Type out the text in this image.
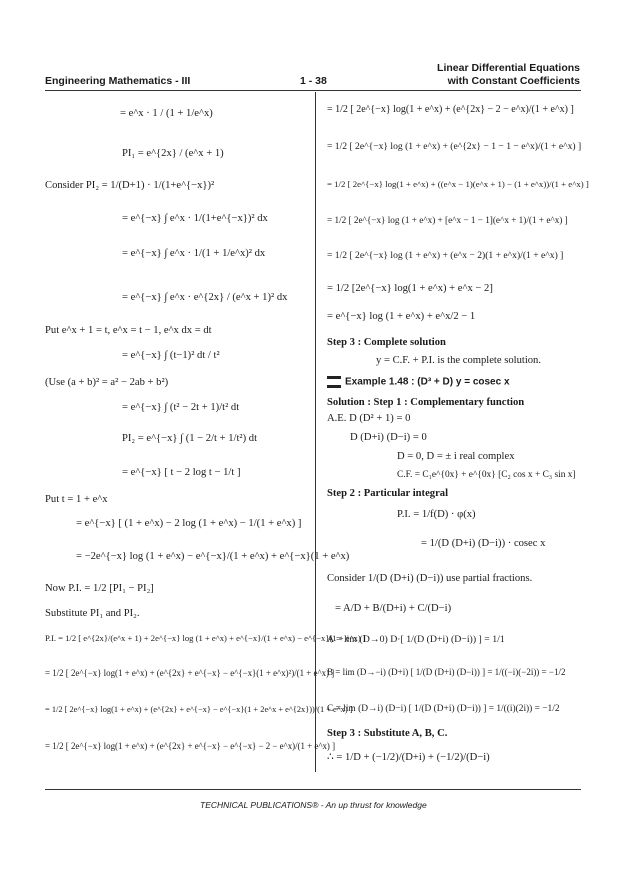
Linear Differential Equations
Engineering Mathematics - III	1 - 38	with Constant Coefficients
= e^x · 1 / (1 + 1/e^x)
PI₁ = e^{2x} / (e^x + 1)
Consider PI₂ = 1/(D+1) · 1/(1+e^{−x})²
= e^{−x} ∫ e^x · 1/(1+e^{−x})² dx
= e^{−x} ∫ e^x · 1/(1 + 1/e^x)² dx
= e^{−x} ∫ e^x · e^{2x} / (e^x + 1)² dx
Put e^x + 1 = t, e^x = t − 1, e^x dx = dt
= e^{−x} ∫ (t−1)² dt / t²
(Use (a + b)² = a² − 2ab + b²)
= e^{−x} ∫ (t² − 2t + 1)/t² dt
PI₂ = e^{−x} ∫ (1 − 2/t + 1/t²) dt
= e^{−x} [ t − 2 log t − 1/t ]
Put t = 1 + e^x
= e^{−x} [ (1 + e^x) − 2 log (1 + e^x) − 1/(1 + e^x) ]
= −2e^{−x} log (1 + e^x) − e^{−x}/(1 + e^x) + e^{−x}(1 + e^x)
Now P.I. = 1/2 [PI₁ − PI₂]
Substitute PI₁ and PI₂.
P.I. = 1/2 [ e^{2x}/(e^x + 1) + 2e^{−x} log (1 + e^x) + e^{−x}/(1 + e^x) − e^{−x}(1 + e^x) ]
= 1/2 [ 2e^{−x} log(1 + e^x) + (e^{2x} + e^{−x} − e^{−x}(1 + e^x)²)/(1 + e^x) ]
= 1/2 [ 2e^{−x} log(1 + e^x) + (e^{2x} + e^{−x} − e^{−x}(1 + 2e^x + e^{2x}))/(1 + e^x) ]
= 1/2 [ 2e^{−x} log(1 + e^x) + (e^{2x} + e^{−x} − e^{−x} − 2 − e^x)/(1 + e^x) ]
= 1/2 [ 2e^{−x} log(1 + e^x) + (e^{2x} − 2 − e^x)/(1 + e^x) ]
= 1/2 [ 2e^{−x} log (1 + e^x) + (e^{2x} − 1 − 1 − e^x)/(1 + e^x) ]
= 1/2 [ 2e^{−x} log(1 + e^x) + ((e^x − 1)(e^x + 1) − (1 + e^x))/(1 + e^x) ]
= 1/2 [ 2e^{−x} log (1 + e^x) + [e^x − 1 − 1](e^x + 1)/(1 + e^x) ]
= 1/2 [ 2e^{−x} log (1 + e^x) + (e^x − 2)(1 + e^x)/(1 + e^x) ]
= 1/2 [2e^{−x} log(1 + e^x) + e^x − 2]
= e^{−x} log (1 + e^x) + e^x/2 − 1
Step 3 : Complete solution
y = C.F. + P.I. is the complete solution.
Example 1.48 : (D³ + D) y = cosec x
Solution : Step 1 : Complementary function
A.E. D (D² + 1) = 0
D (D+i) (D−i) = 0
D = 0, D = ± i real complex
C.F. = C₁e^{0x} + e^{0x} [C₂ cos x + C₃ sin x]
Step 2 : Particular integral
P.I. = 1/f(D) · φ(x)
= 1/(D (D+i) (D−i)) · cosec x
Consider 1/(D (D+i) (D−i)) use partial fractions.
= A/D + B/(D+i) + C/(D−i)
A = lim (D→0) D·[ 1/(D (D+i) (D−i)) ] = 1/1
B = lim (D→−i) (D+i) [ 1/(D (D+i) (D−i)) ] = 1/((−i)(−2i)) = −1/2
C = lim (D→i) (D−i) [ 1/(D (D+i) (D−i)) ] = 1/((i)(2i)) = −1/2
Step 3 : Substitute A, B, C.
∴ = 1/D + (−1/2)/(D+i) + (−1/2)/(D−i)
TECHNICAL PUBLICATIONS® - An up thrust for knowledge
